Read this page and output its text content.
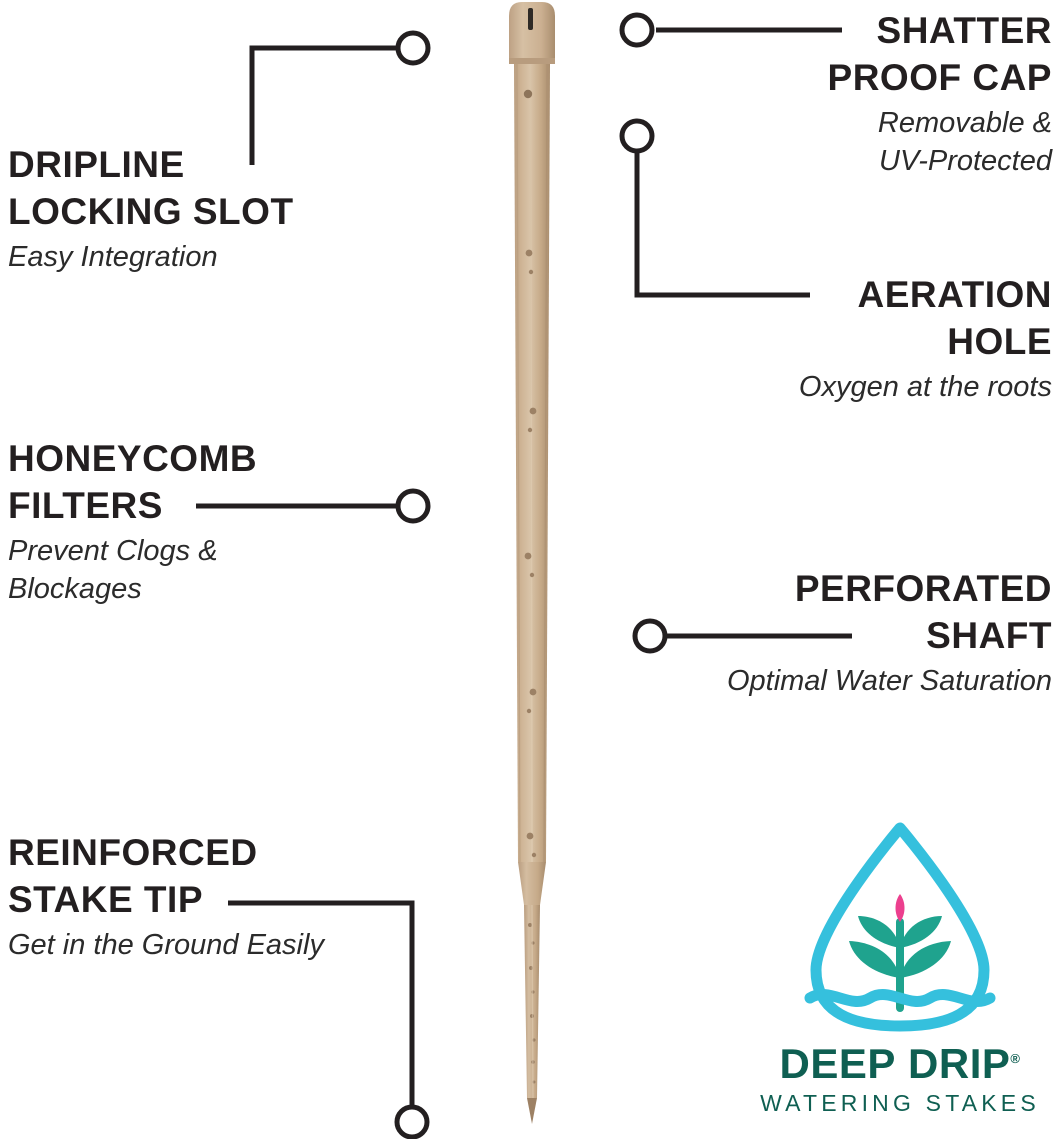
DRIPLINE
LOCKING SLOT
Easy Integration
HONEYCOMB
FILTERS
Prevent Clogs &
Blockages
REINFORCED
STAKE TIP
Get in the Ground Easily
SHATTER
PROOF CAP
Removable &
UV-Protected
AERATION
HOLE
Oxygen at the roots
PERFORATED
SHAFT
Optimal Water Saturation
DEEP DRIP®
WATERING STAKES
